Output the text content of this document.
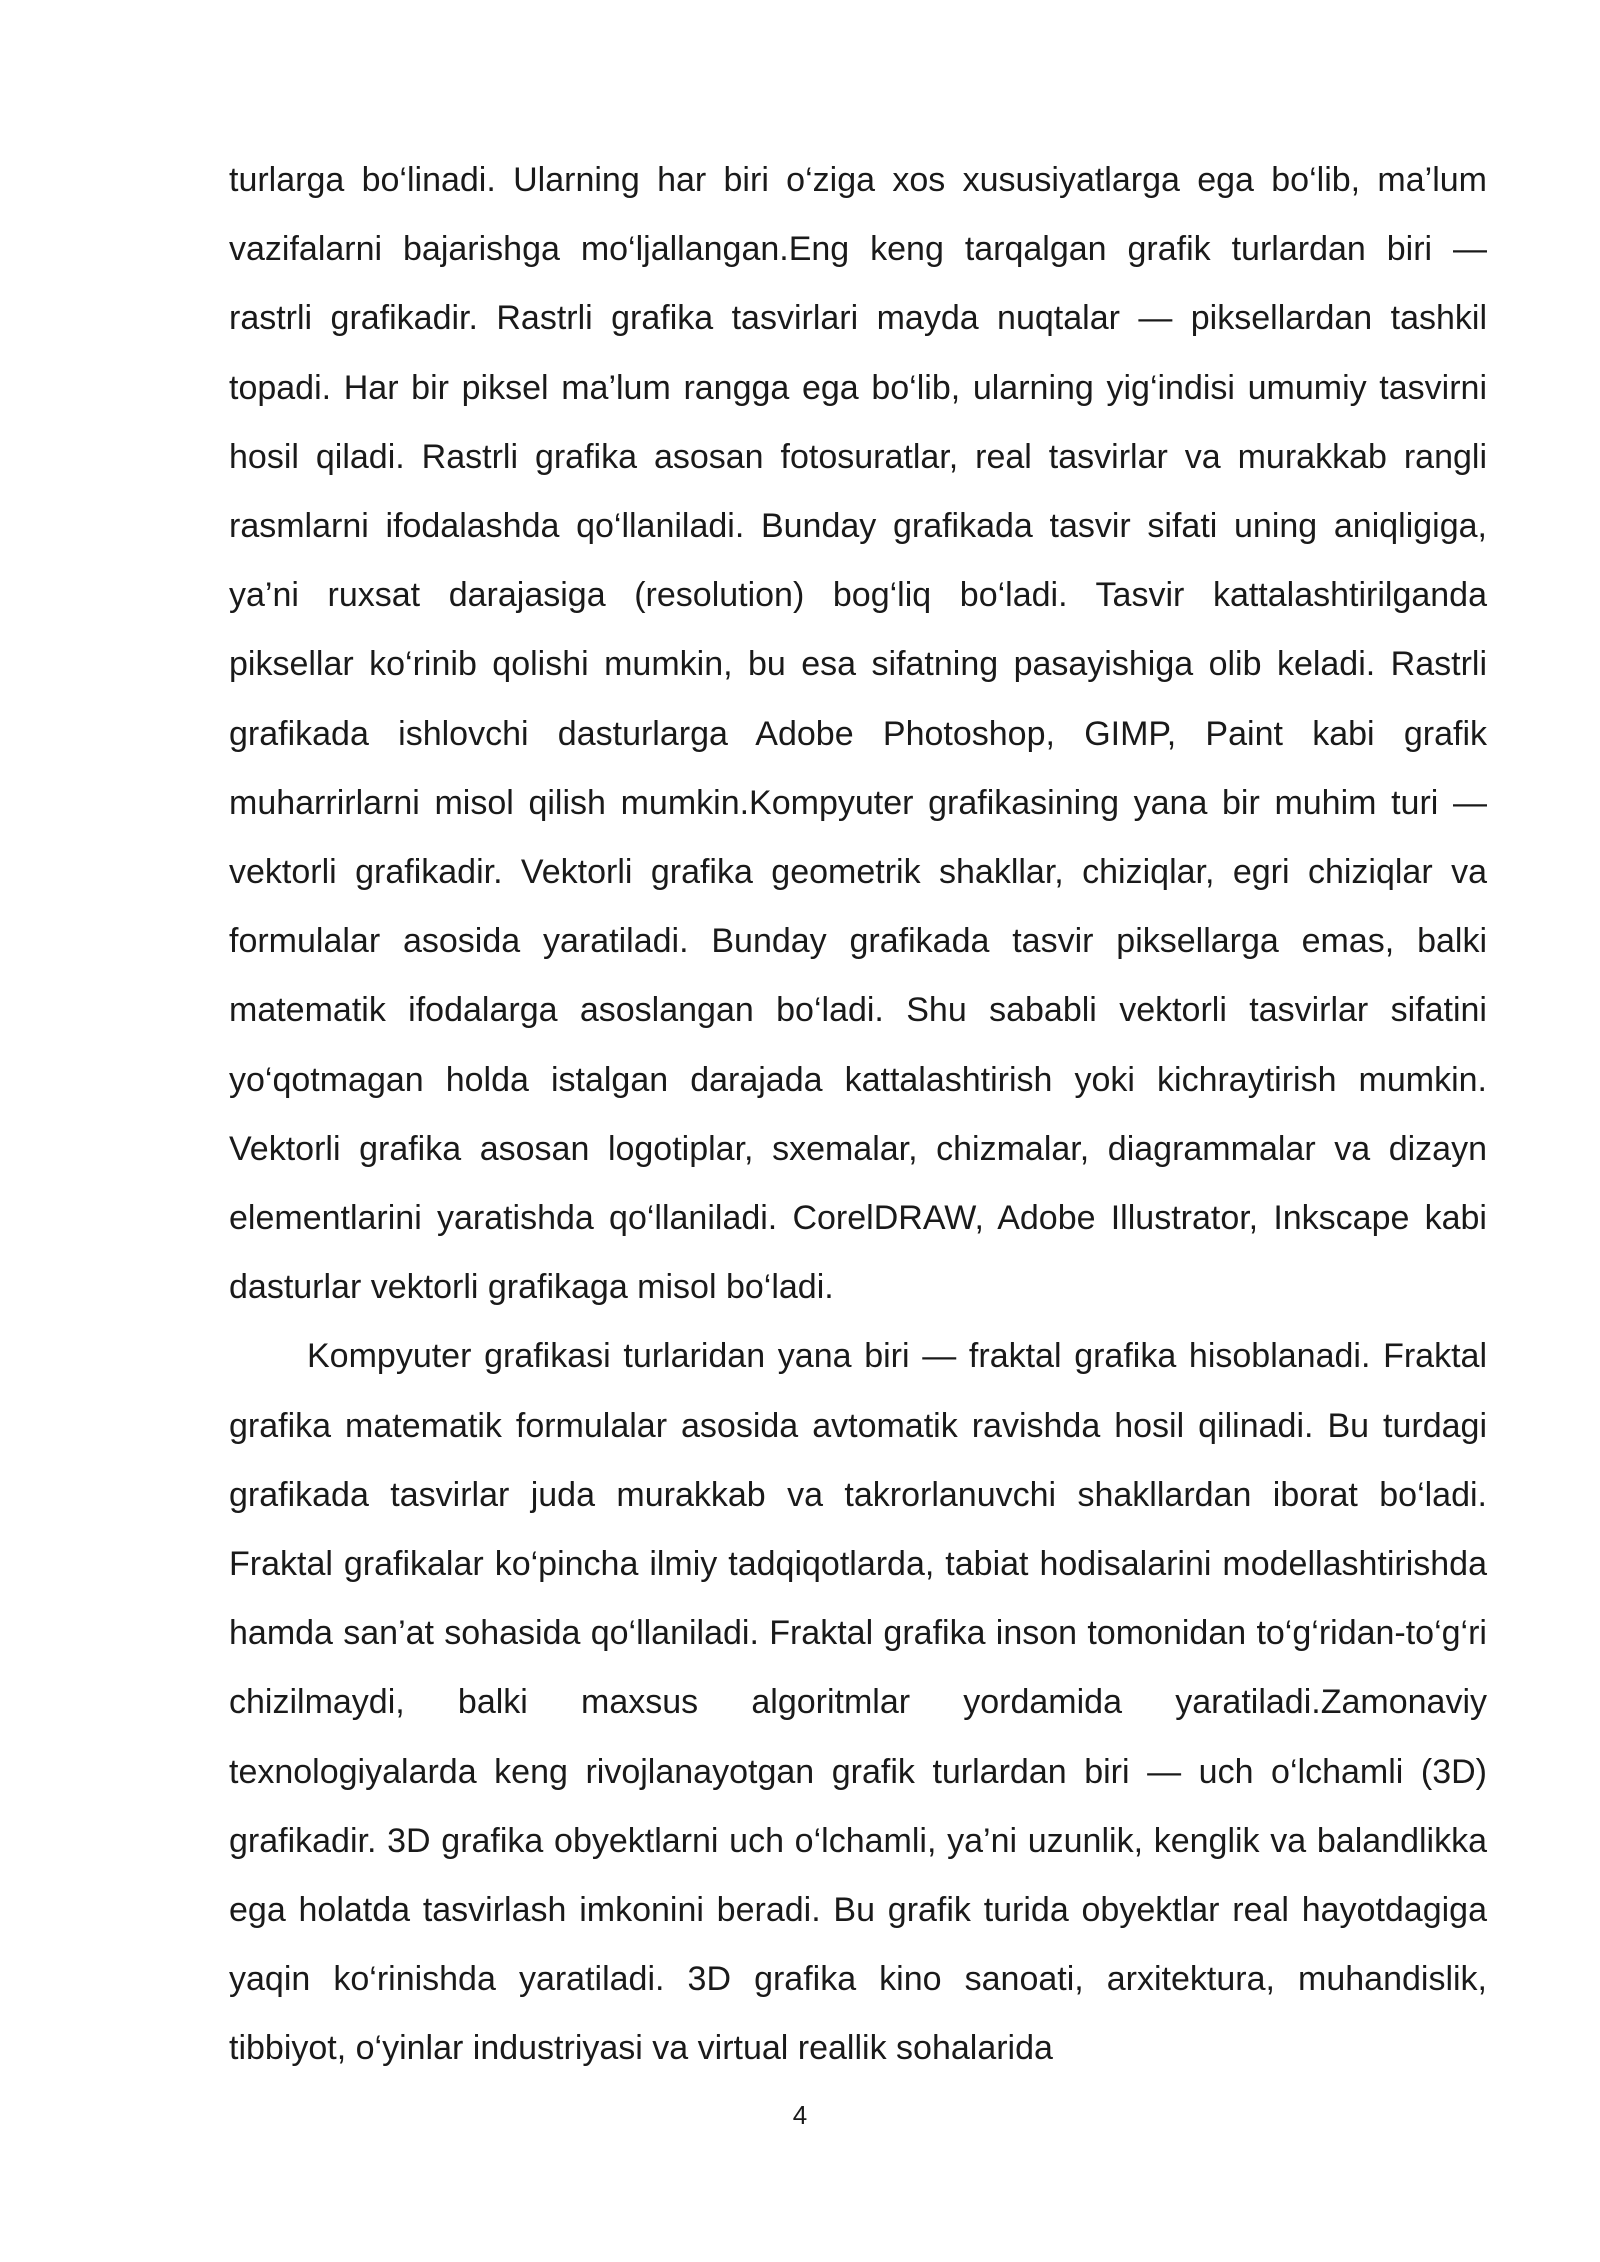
turlarga bo‘linadi. Ularning har biri o‘ziga xos xususiyatlarga ega bo‘lib, ma’lum vazifalarni bajarishga mo‘ljallangan.Eng keng tarqalgan grafik turlardan biri — rastrli grafikadir. Rastrli grafika tasvirlari mayda nuqtalar — piksellardan tashkil topadi. Har bir piksel ma’lum rangga ega bo‘lib, ularning yig‘indisi umumiy tasvirni hosil qiladi. Rastrli grafika asosan fotosuratlar, real tasvirlar va murakkab rangli rasmlarni ifodalashda qo‘llaniladi. Bunday grafikada tasvir sifati uning aniqligiga, ya’ni ruxsat darajasiga (resolution) bog‘liq bo‘ladi. Tasvir kattalashtirilganda piksellar ko‘rinib qolishi mumkin, bu esa sifatning pasayishiga olib keladi. Rastrli grafikada ishlovchi dasturlarga Adobe Photoshop, GIMP, Paint kabi grafik muharrirlarni misol qilish mumkin.Kompyuter grafikasining yana bir muhim turi — vektorli grafikadir. Vektorli grafika geometrik shakllar, chiziqlar, egri chiziqlar va formulalar asosida yaratiladi. Bunday grafikada tasvir piksellarga emas, balki matematik ifodalarga asoslangan bo‘ladi. Shu sababli vektorli tasvirlar sifatini yo‘qotmagan holda istalgan darajada kattalashtirish yoki kichraytirish mumkin. Vektorli grafika asosan logotiplar, sxemalar, chizmalar, diagrammalar va dizayn elementlarini yaratishda qo‘llaniladi. CorelDRAW, Adobe Illustrator, Inkscape kabi dasturlar vektorli grafikaga misol bo‘ladi.

Kompyuter grafikasi turlaridan yana biri — fraktal grafika hisoblanadi. Fraktal grafika matematik formulalar asosida avtomatik ravishda hosil qilinadi. Bu turdagi grafikada tasvirlar juda murakkab va takrorlanuvchi shakllardan iborat bo‘ladi. Fraktal grafikalar ko‘pincha ilmiy tadqiqotlarda, tabiat hodisalarini modellashtirishda hamda san’at sohasida qo‘llaniladi. Fraktal grafika inson tomonidan to‘g‘ridan-to‘g‘ri chizilmaydi, balki maxsus algoritmlar yordamida yaratiladi.Zamonaviy texnologiyalarda keng rivojlanayotgan grafik turlardan biri — uch o‘lchamli (3D) grafikadir. 3D grafika obyektlarni uch o‘lchamli, ya’ni uzunlik, kenglik va balandlikka ega holatda tasvirlash imkonini beradi. Bu grafik turida obyektlar real hayotdagiga yaqin ko‘rinishda yaratiladi. 3D grafika kino sanoati, arxitektura, muhandislik, tibbiyot, o‘yinlar industriyasi va virtual reallik sohalarida

4
